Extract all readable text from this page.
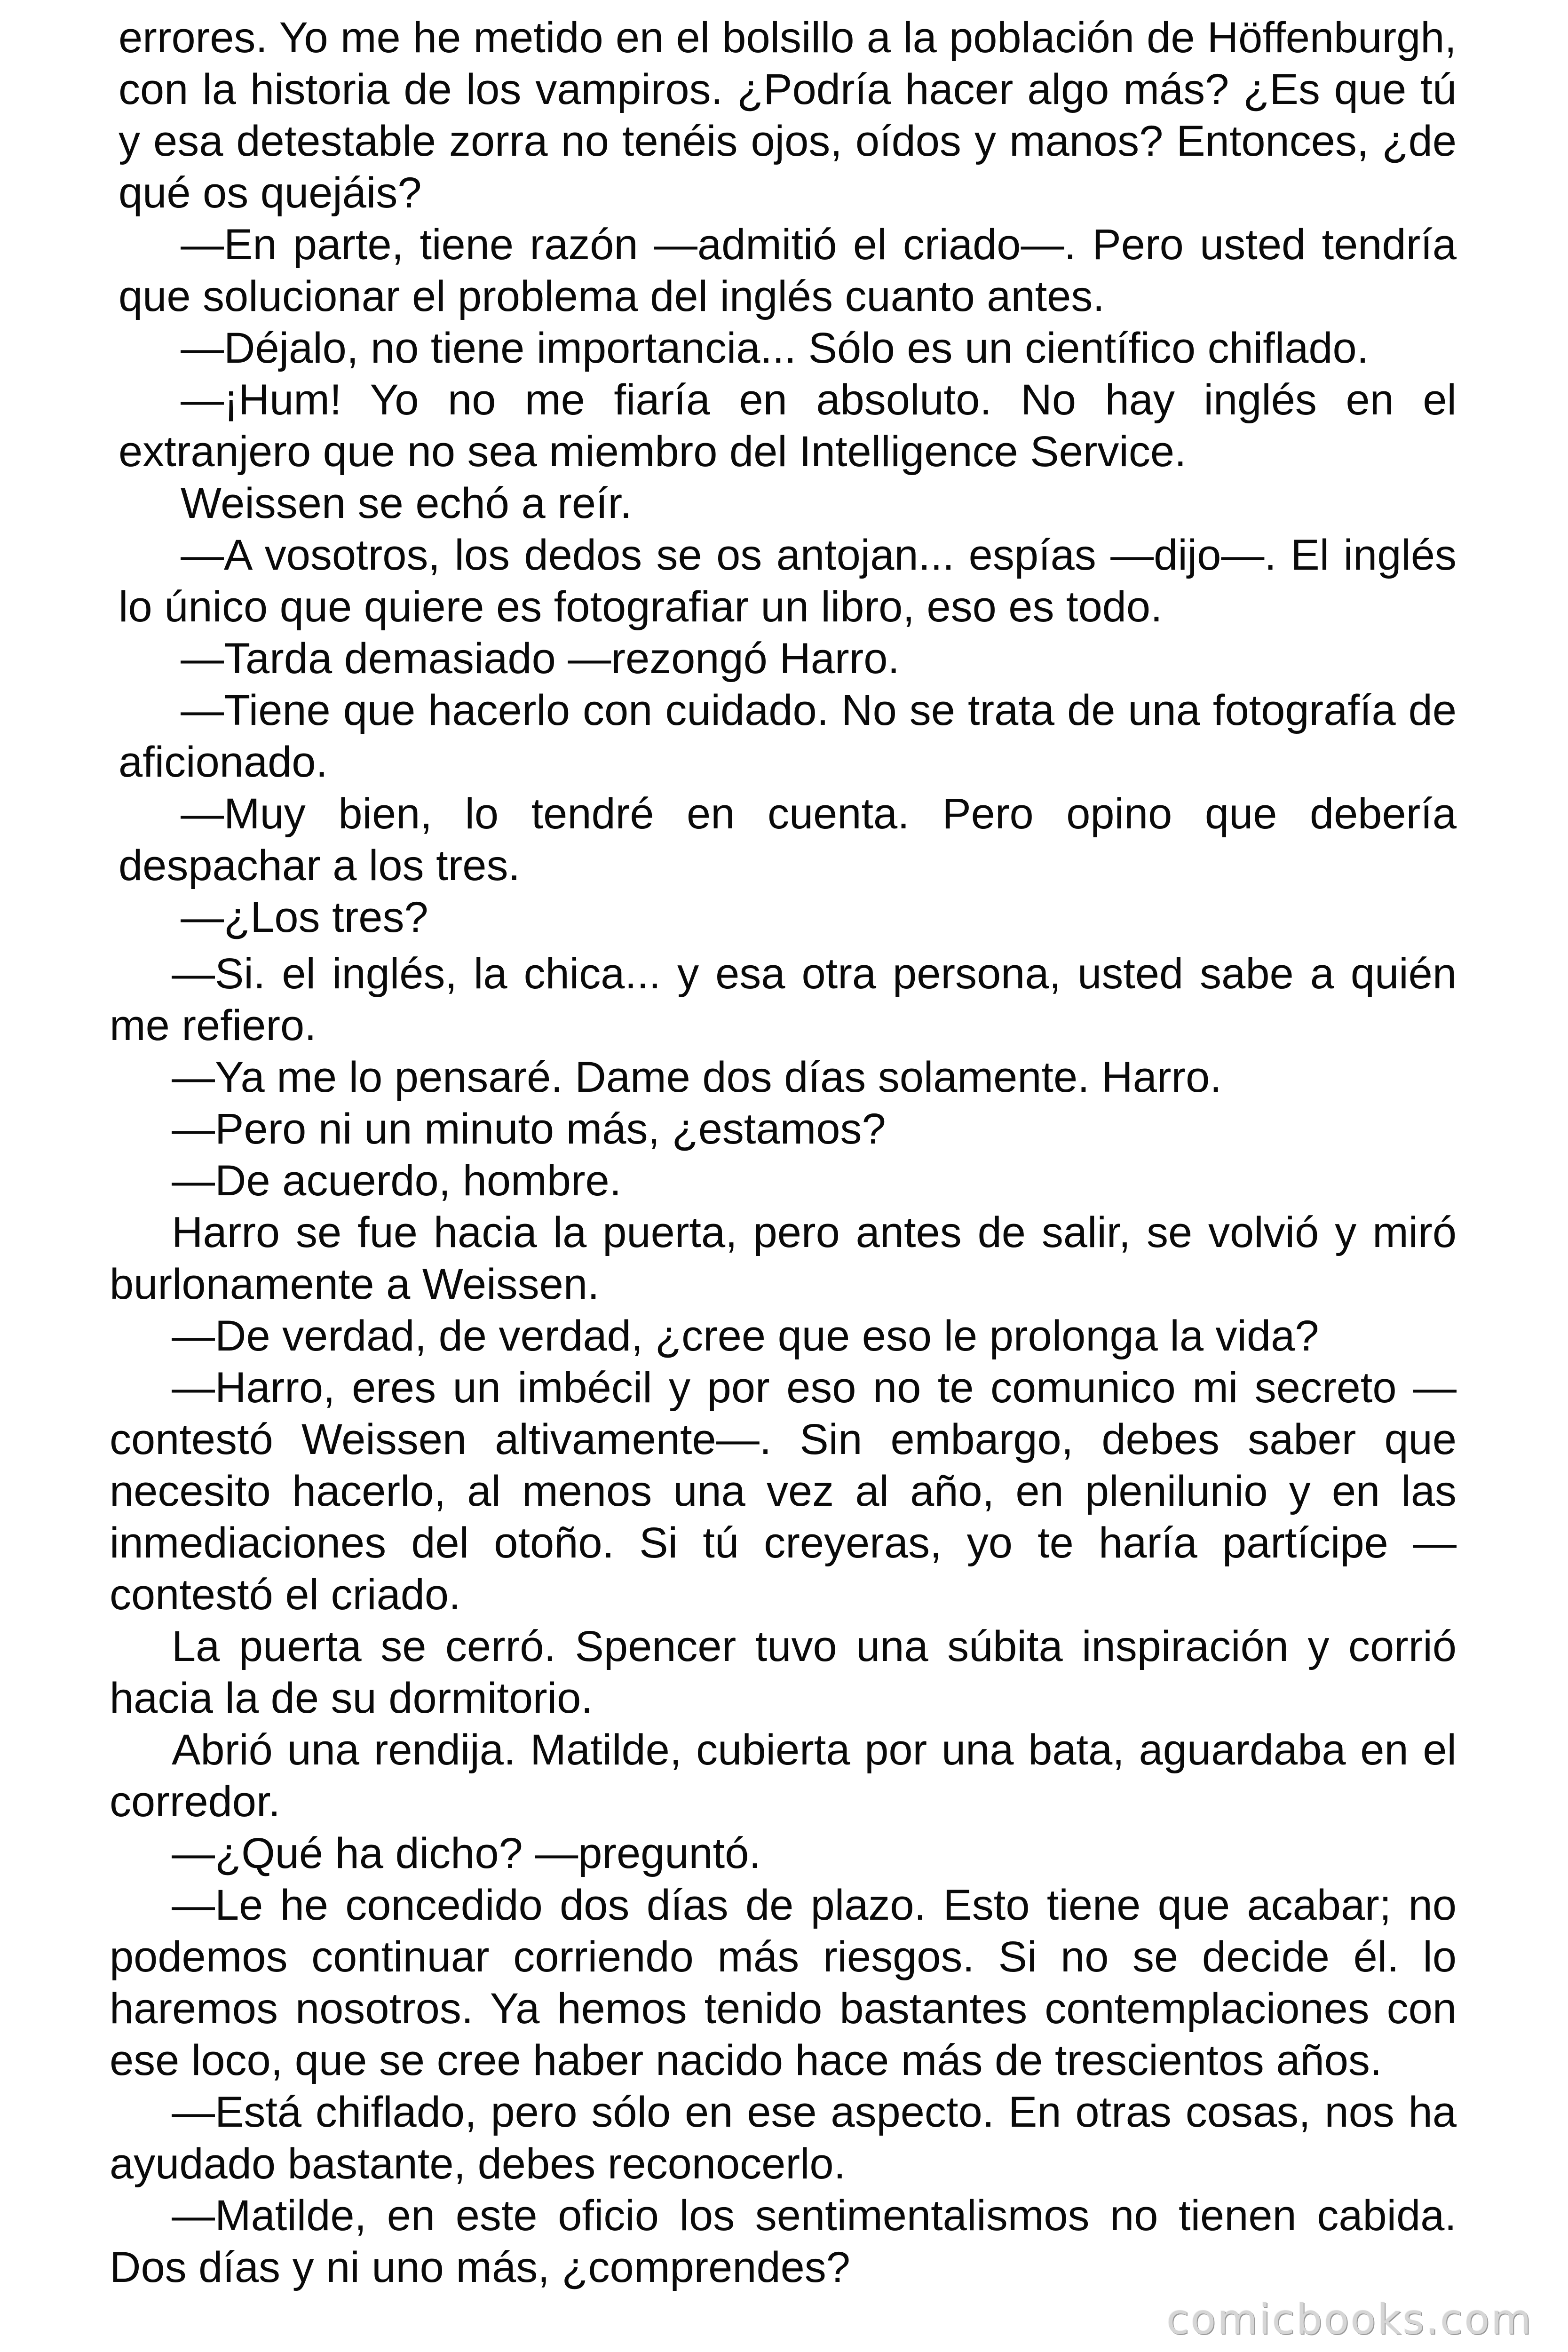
errores. Yo me he metido en el bolsillo a la población de Höffenburgh, con la historia de los vampiros. ¿Podría hacer algo más? ¿Es que tú y esa detestable zorra no tenéis ojos, oídos y manos? Entonces, ¿de qué os quejáis?

—En parte, tiene razón —admitió el criado—. Pero usted tendría que solucionar el problema del inglés cuanto antes.

—Déjalo, no tiene importancia... Sólo es un científico chiflado.

—¡Hum! Yo no me fiaría en absoluto. No hay inglés en el extranjero que no sea miembro del Intelligence Service.

Weissen se echó a reír.

—A vosotros, los dedos se os antojan... espías —dijo—. El inglés lo único que quiere es fotografiar un libro, eso es todo.

—Tarda demasiado —rezongó Harro.

—Tiene que hacerlo con cuidado. No se trata de una fotografía de aficionado.

—Muy bien, lo tendré en cuenta. Pero opino que debería despachar a los tres.

—¿Los tres?

—Si. el inglés, la chica... y esa otra persona, usted sabe a quién me refiero.

—Ya me lo pensaré. Dame dos días solamente. Harro.

—Pero ni un minuto más, ¿estamos?

—De acuerdo, hombre.

Harro se fue hacia la puerta, pero antes de salir, se volvió y miró burlonamente a Weissen.

—De verdad, de verdad, ¿cree que eso le prolonga la vida?

—Harro, eres un imbécil y por eso no te comunico mi secreto —contestó Weissen altivamente—. Sin embargo, debes saber que necesito hacerlo, al menos una vez al año, en plenilunio y en las inmediaciones del otoño. Si tú creyeras, yo te haría partícipe —contestó el criado.

La puerta se cerró. Spencer tuvo una súbita inspiración y corrió hacia la de su dormitorio.

Abrió una rendija. Matilde, cubierta por una bata, aguardaba en el corredor.

—¿Qué ha dicho? —preguntó.

—Le he concedido dos días de plazo. Esto tiene que acabar; no podemos continuar corriendo más riesgos. Si no se decide él. lo haremos nosotros. Ya hemos tenido bastantes contemplaciones con ese loco, que se cree haber nacido hace más de trescientos años.

—Está chiflado, pero sólo en ese aspecto. En otras cosas, nos ha ayudado bastante, debes reconocerlo.

—Matilde, en este oficio los sentimentalismos no tienen cabida. Dos días y ni uno más, ¿comprendes?

comicbooks.com
